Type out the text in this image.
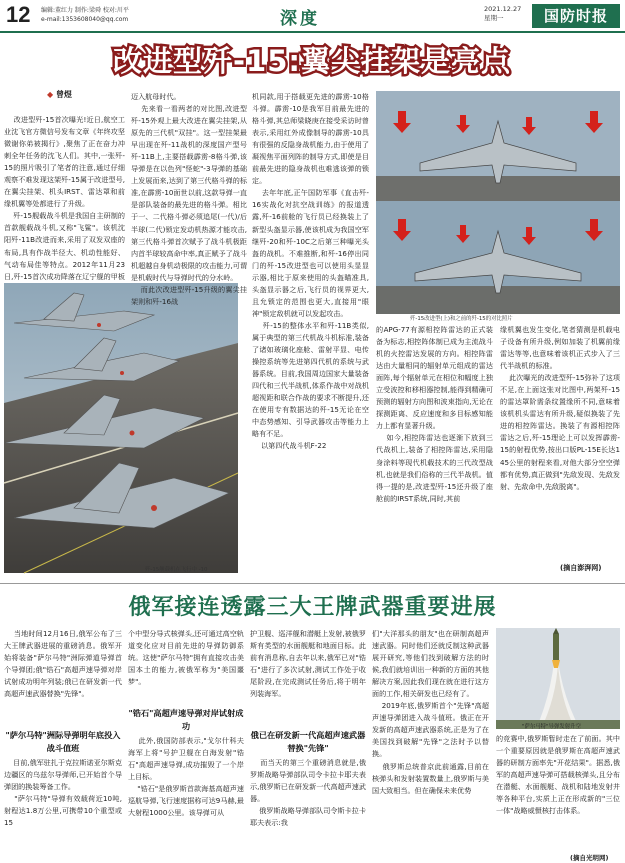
12 编辑:董红力 制作:梁舜 校对:川平
e-mail:1353608040@qq.com	深度	2021.12.27
星期一	国防时报
改进型歼-15:翼尖挂架是亮点
◆ 曾煜
改进型歼-15首次曝光!近日,航空工业沈飞官方微信号发布文章《年终攻坚微谢你弟被揭行》,聚焦了正在奋力冲刺全年任务的沈飞人们。其中,一张歼-15的照片吸引了笔者的注意,通过仔细观察不难发现这架歼-15属于改进型号,在翼尖挂架、机头IRST、雷达罩和前缘机翼等处都进行了升级。
歼-15舰载战斗机是我国自主研制的首款舰载战斗机,又称"飞鲨"。该机沈阳歼-11B改进而来,采用了双发双座的布局,具有作战半径大、机动性能好、气动布局佳等特点。2012年11月23日,歼-15首次成功降落在辽宁舰的甲板
歼-15舰载机在飞行中 -10
迈入航母时代。
先来看一看两者的对比图,改进型歼-15外观上最大改进在翼尖挂架,从原先的三代机"双挂"。这一型挂架最早出现在歼-11战机的深度国产型号歼-11B上,主要搭载霹雳-8格斗弹,该导弹是在以色列"怪蛇"-3导弹的基础上发展而来,达到了第三代格斗弹的标准,在霹雳-10面世以前,这款导弹一直是部队装备的最先进的格斗弹。相比于一、二代格斗弹必须追尾(一代)/后半球(二代)锁定发动机热源才能攻击,第三代格斗弹首次赋予了战斗机极距内首半球较高命中率,真正赋予了战斗机超越自身机动极限的攻击能力,可谓是机载时代与导弹时代的分水岭。
而此次改进型歼-15升级的翼尖挂架则和歼-16战
机同款,用于搭载更先进的霹雳-10格斗弹。霹雳-10是我军目前最先进的格斗弹,其总师梁晓庚在接受采访时曾表示,采用红外成像制导的霹雳-10具有很强的反隐身战机能力,由于使用了凝视焦平面列阵的制导方式,即使是目前最先进的隐身战机也难逃该弹的锁定。
去年年底,正午国防军事《直击歼-16实战化对抗空战训练》的报道透露,歼-16前舱的飞行员已经换装上了新型头盔显示器,使该机成为我国空军继歼-20和歼-10C之后第三种曝光头盔的战机。不难推断,和歼-16停出同门的歼-15改进型也可以使用头显显示器,相比于原来使用的头盔瞄准具,头盔显示器之后,飞行员的视界更大,且允锁定的范围也更大,直接用"眼神"锁定敌机就可以发起攻击。
歼-15的整体水平和歼-11B类似,属于典型的第三代机战斗机标准,装备了诸如玻璃化座舱、雷射平显、电传操控系统等先进第四代机的系统与武器系统。目前,我国周边国家大量装备四代和三代半战机,体系作战中对战机超视距和联合作战的要求不断提升,还在使用专有数据达的歼-15无论在空中态势感知、引导武器攻击等能力上略有不足。
以第四代战斗机F-22
歼-15改进型(上)和之前的歼-15的对比照片
的APG-77有源相控阵雷达的正式装备为标志,相控阵体制已成为主流战斗机的火控雷达发展的方向。相控阵雷达由大量相同的辐射单元组成的雷达面阵,每个辐射单元在相位和幅度上独立受波控和移相器控制,能得到精确可预测的辐射方向图和波束指向,无论在探测距离、反应速度和多目标感知能力上都有显著升级。
如今,相控阵雷达也逐渐下放到三代战机上,装备了相控阵雷达,采用隐身涂料等现代机载技术的三代改型战机,也就是我们俗称的三代半战机。值得一提的是,改进型歼-15还升级了座舱前的IRST系统,同时,其前
缘机翼也发生变化,笔者猜测是机载电子设备有所升级,例如加装了机翼前缘雷达等等,也意味着该机正式步入了三代半战机的标准。
此次曝光的改进型歼-15弥补了这项不足,在上面这张对比图中,两架歼-15的雷达罩阶需条纹置缘所不同,意味着该机机头雷达有所升级,疑似换装了先进的相控阵雷达。换装了有源相控阵雷达之后,歼-15理论上可以发挥霹雳-15的射程优势,按出口版PL-15E长达145公里的射程来看,对他大部分空空弹都有优势,真正做到"先敌发现、先敌发射、先敌命中,先敌脱离"。
(摘自澎湃网)
俄军接连透露三大王牌武器重要进展
当地时间12月16日,俄军公布了三大王牌武器进展的重磅消息。俄军开始将装备"萨尔马特"洲际弹道导弹首个导弹团;俄"锆石"高超声速导弹对岸试射成功明年列装;俄已在研发新一代高超声速武器替换"先锋"。
"萨尔马特"洲际导弹明年底投入战斗值班
目前,俄军驻扎于克拉斯诺亚尔斯克边疆区的乌兹尔导弹师,已开始首个导弹团的换装筹备工作。
"萨尔马特"导弹有效载荷近10吨,射程达1.8万公里,可携带10个重型或15
个中型分导式核弹头,还可通过高空轨道变化应对目前先进的导弹防御系统。这使"萨尔马特"拥有直接攻击美国本土的能力,被俄军称为"美国噩梦"。
"锆石"高超声速导弹对岸试射成功
此外,俄国防部表示,"戈尔什科夫海军上将"号护卫舰在白海发射"锆石"高超声速导弹,成功摧毁了一个岸上目标。
"锆石"是俄罗斯首款海基高超声速巡航导弹,飞行速度据称可达9马赫,最大射程1000公里。该导弹可从
护卫舰、巡洋舰和潜艇上发射,被俄罗斯有类型的水面舰艇和地面目标。此前有消息称,自去年以来,俄军已对"锆石"进行了多次试射,测试工作处于收尾阶段,在完成测试任务后,将于明年列装海军。
俄已在研发新一代高超声速武器替换"先锋"
而当天的第三个重磅消息就是,俄罗斯战略导弹部队司令卡拉卡耶夫表示,俄罗斯已在研发新一代高超声速武器。
俄罗斯战略导弹部队司令斯卡拉卡耶夫表示:我
们"大洋那头的朋友"也在研制高超声速武器。同时他们还就反制这种武器展开研究,等他们找到破解方法的时候,我们就培训出一种新的方面的其他解决方案,因此我们现在就在进行这方面的工作,相关研发也已经有了。
2019年底,俄罗斯首个"先锋"高超声速导弹团进入战斗值班。俄正在开发新的高超声速武器系统,正是为了在美国找到破解"先锋"之法时予以替换。
俄罗斯总统普京此前通露,目前在核弹头和发射装置数量上,俄罗斯与美国大致相当。但在确保未来优势
"萨尔马特"导弹发射升空
的竞赛中,俄罗斯暂时走在了前面。其中一个重要原因就是俄罗斯在高超声速武器的研制方面率先"开花结果"。据悉,俄军的高超声速导弹可搭载核弹头,且分布在潜艇、水面舰艇、战机和陆地发射井等各种平台,实质上正在形成新的"三位一体"战略威慑核打击体系。
(摘自光明网)
